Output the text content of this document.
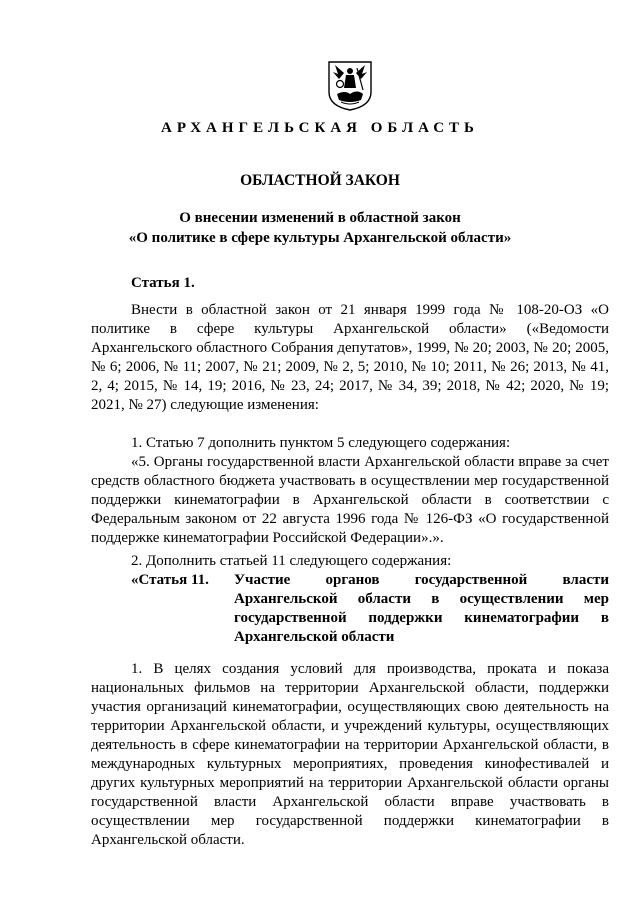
АРХАНГЕЛЬСКАЯ ОБЛАСТЬ
ОБЛАСТНОЙ ЗАКОН
О внесении изменений в областной закон
«О политике в сфере культуры Архангельской области»
Статья 1.

Внести в областной закон от 21 января 1999 года № 108-20-ОЗ «О политике в сфере культуры Архангельской области» («Ведомости Архангельского областного Собрания депутатов», 1999, № 20; 2003, № 20; 2005, № 6; 2006, № 11; 2007, № 21; 2009, № 2, 5; 2010, № 10; 2011, № 26; 2013, № 41, 2, 4; 2015, № 14, 19; 2016, № 23, 24; 2017, № 34, 39; 2018, № 42; 2020, № 19; 2021, № 27) следующие изменения:

1. Статью 7 дополнить пунктом 5 следующего содержания:

«5. Органы государственной власти Архангельской области вправе за счет средств областного бюджета участвовать в осуществлении мер государственной поддержки кинематографии в Архангельской области в соответствии с Федеральным законом от 22 августа 1996 года № 126-ФЗ «О государственной поддержке кинематографии Российской Федерации».».

2. Дополнить статьей 11 следующего содержания:

«Статья 11. Участие органов государственной власти Архангельской области в осуществлении мер государственной поддержки кинематографии в Архангельской области

1. В целях создания условий для производства, проката и показа национальных фильмов на территории Архангельской области, поддержки участия организаций кинематографии, осуществляющих свою деятельность на территории Архангельской области, и учреждений культуры, осуществляющих деятельность в сфере кинематографии на территории Архангельской области, в международных культурных мероприятиях, проведения кинофестивалей и других культурных мероприятий на территории Архангельской области органы государственной власти Архангельской области вправе участвовать в осуществлении мер государственной поддержки кинематографии в Архангельской области.
